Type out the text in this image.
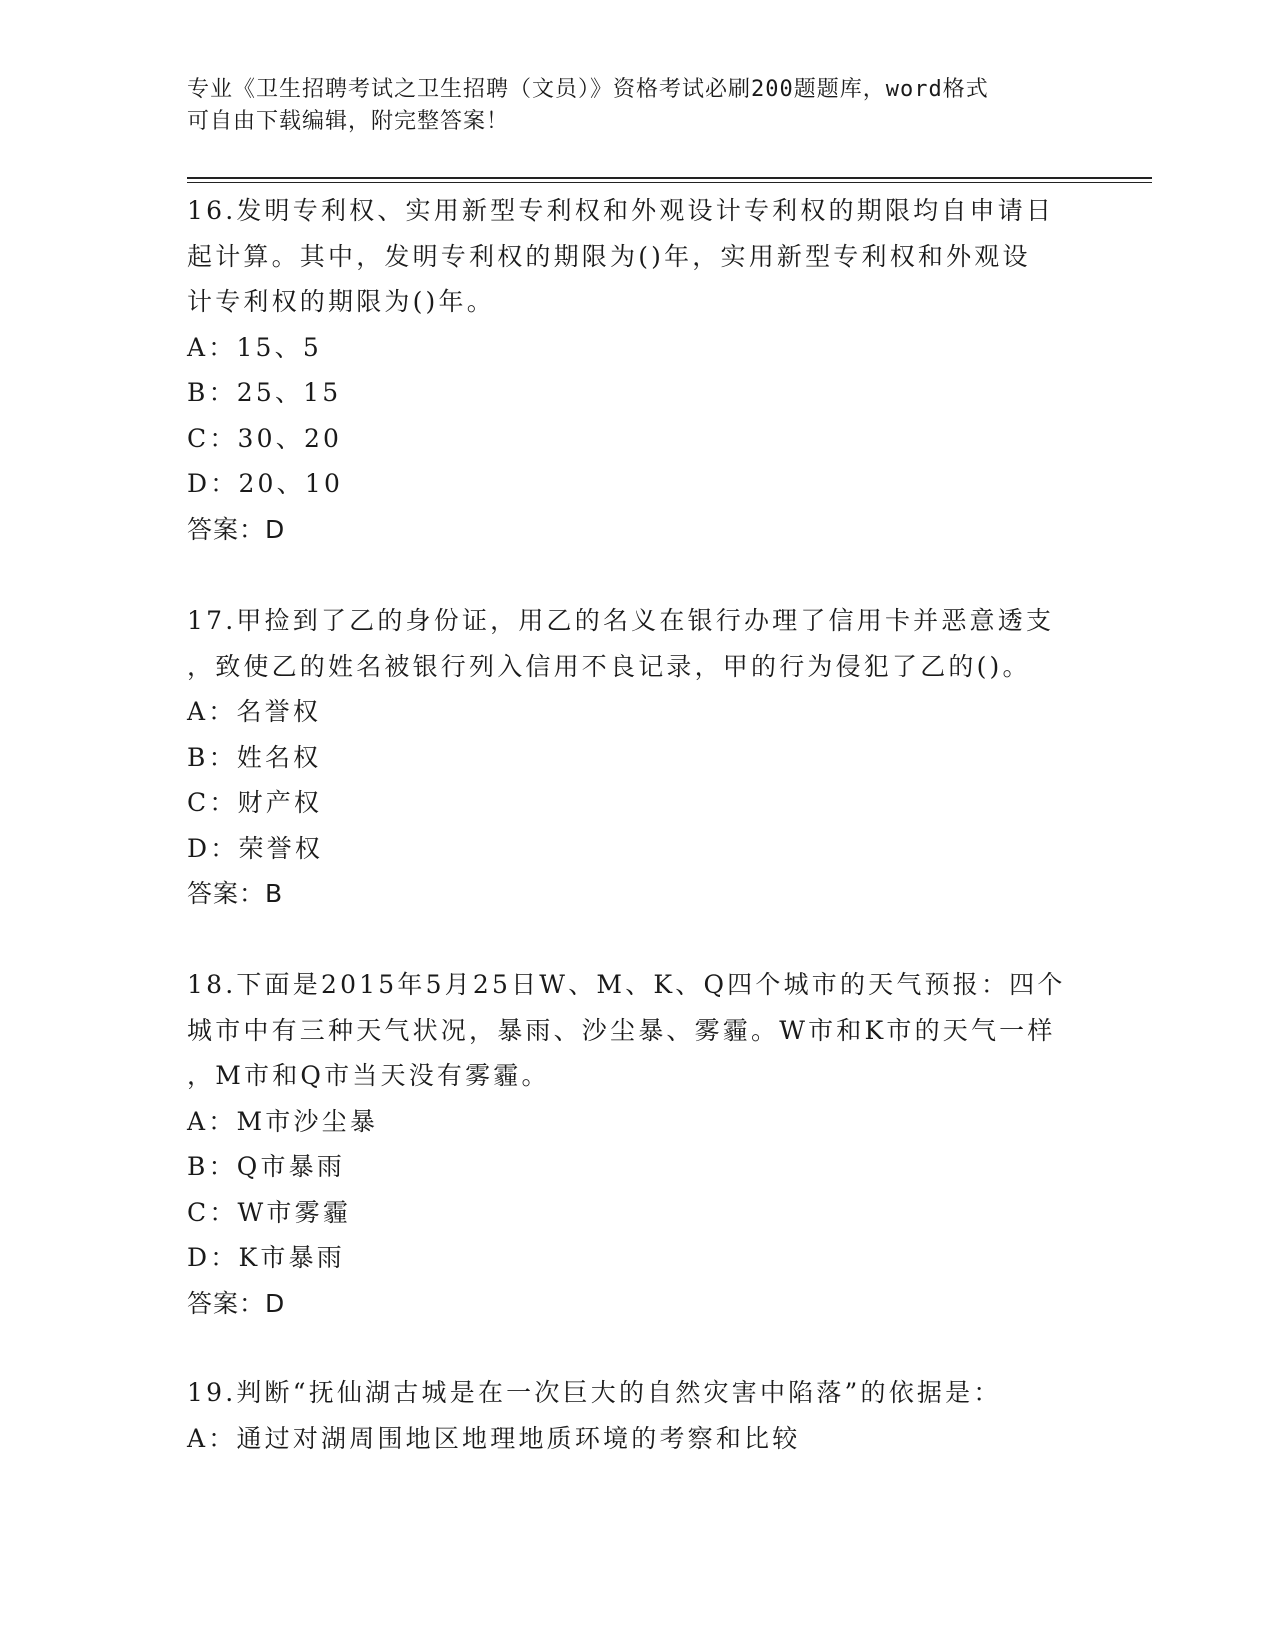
专业《卫生招聘考试之卫生招聘（文员）》资格考试必刷200题题库，word格式
可自由下载编辑，附完整答案！

16.发明专利权、实用新型专利权和外观设计专利权的期限均自申请日

起计算。其中，发明专利权的期限为()年，实用新型专利权和外观设

计专利权的期限为()年。

A：15、5

B：25、15

C：30、20

D：20、10

答案：D

17.甲捡到了乙的身份证，用乙的名义在银行办理了信用卡并恶意透支

，致使乙的姓名被银行列入信用不良记录，甲的行为侵犯了乙的()。

A：名誉权

B：姓名权

C：财产权

D：荣誉权

答案：B

18.下面是2015年5月25日W、M、K、Q四个城市的天气预报：四个

城市中有三种天气状况，暴雨、沙尘暴、雾霾。W市和K市的天气一样

，M市和Q市当天没有雾霾。

A：M市沙尘暴

B：Q市暴雨

C：W市雾霾

D：K市暴雨

答案：D

19.判断“抚仙湖古城是在一次巨大的自然灾害中陷落”的依据是：

A：通过对湖周围地区地理地质环境的考察和比较
